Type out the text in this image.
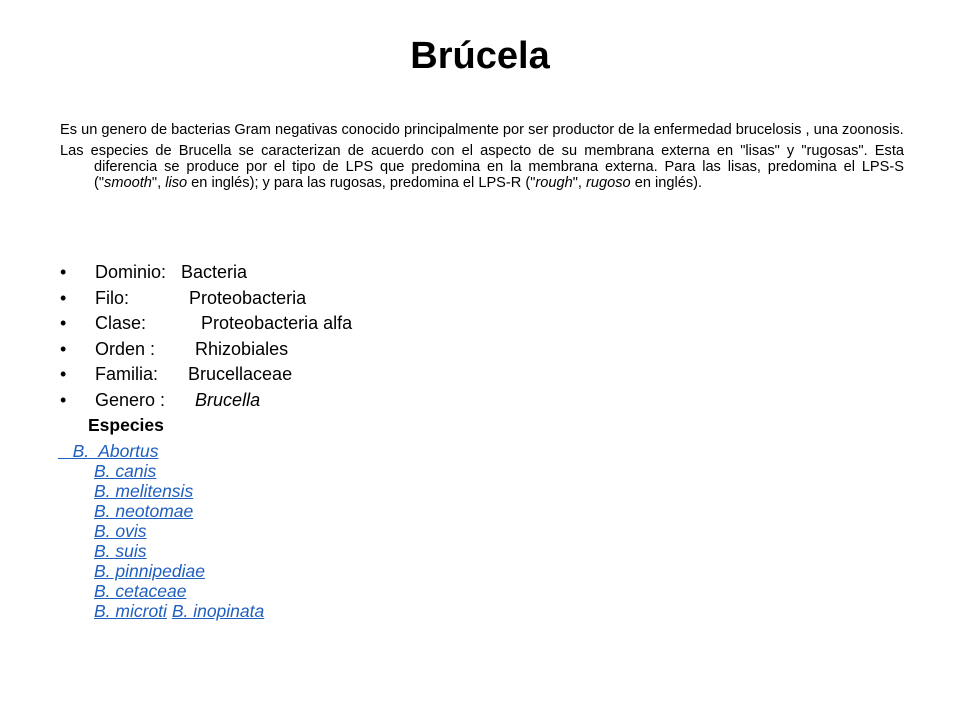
Brúcela

Es un genero de bacterias Gram negativas conocido principalmente por ser productor de la enfermedad brucelosis , una zoonosis.

Las especies de Brucella se caracterizan de acuerdo con el aspecto de su membrana externa en "lisas" y "rugosas". Esta diferencia se produce por el tipo de LPS que predomina en la membrana externa. Para las lisas, predomina el LPS-S ("smooth", liso en inglés); y para las rugosas, predomina el LPS-R ("rough", rugoso en inglés).

• Dominio:   Bacteria
• Filo:            Proteobacteria
• Clase:           Proteobacteria alfa
• Orden :        Rhizobiales
• Familia:      Brucellaceae
• Genero :      Brucella
Especies
B.  Abortus
B. canis
B. melitensis
B. neotomae
B. ovis
B. suis
B. pinnipediae
B. cetaceae
B. microti B. inopinata
